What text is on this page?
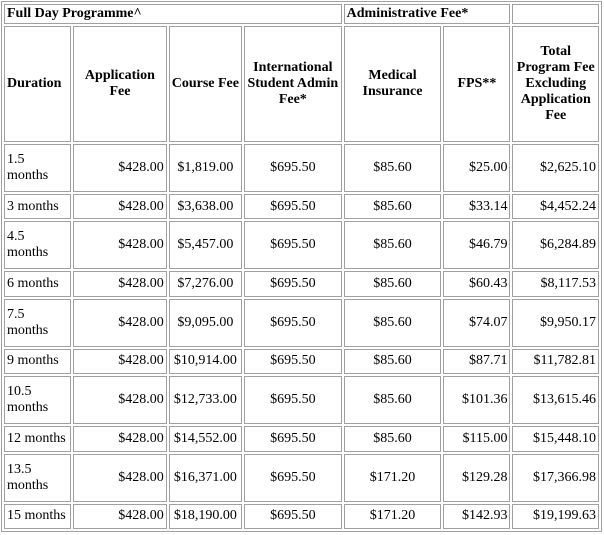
Full Day Programme^				Administrative Fee*		
Duration	Application Fee	Course Fee	International Student Admin Fee*	Medical Insurance	FPS**	Total Program Fee Excluding Application Fee
1.5 months	$428.00	$1,819.00	$695.50	$85.60	$25.00	$2,625.10
3 months	$428.00	$3,638.00	$695.50	$85.60	$33.14	$4,452.24
4.5 months	$428.00	$5,457.00	$695.50	$85.60	$46.79	$6,284.89
6 months	$428.00	$7,276.00	$695.50	$85.60	$60.43	$8,117.53
7.5 months	$428.00	$9,095.00	$695.50	$85.60	$74.07	$9,950.17
9 months	$428.00	$10,914.00	$695.50	$85.60	$87.71	$11,782.81
10.5 months	$428.00	$12,733.00	$695.50	$85.60	$101.36	$13,615.46
12 months	$428.00	$14,552.00	$695.50	$85.60	$115.00	$15,448.10
13.5 months	$428.00	$16,371.00	$695.50	$171.20	$129.28	$17,366.98
15 months	$428.00	$18,190.00	$695.50	$171.20	$142.93	$19,199.63
